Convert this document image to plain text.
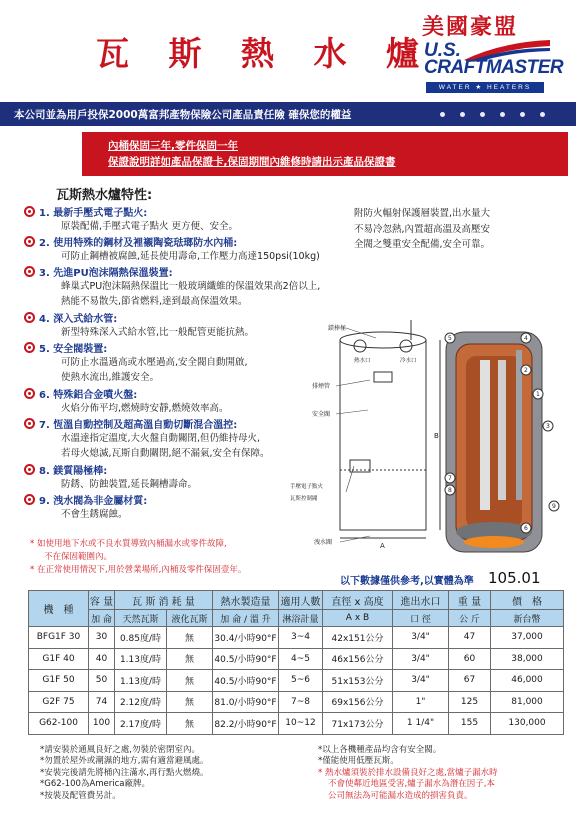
瓦 斯 熱 水 爐
美國豪盟
U.S.
CRAFTMASTER
WATER ★ HEATERS
本公司並為用戶投保2000萬富邦產物保險公司產品責任險 確保您的權益

內桶保固三年,零件保固一年

保證說明詳如產品保證卡,保固期間內維修時請出示產品保證書

瓦斯熱水爐特性:
1. 最新手壓式電子點火:
原裝配備,手壓式電子點火 更方便、安全。
2. 使用特殊的鋼材及裡襯陶瓷琺瑯防水內桶:
可防止鋼槽被腐蝕,延長使用壽命,工作壓力高達150psi(10kg)
3. 先進PU泡沫隔熱保溫裝置:
蜂巢式PU泡沫隔熱保溫比一般玻璃纖維的保溫效果高2倍以上,
熱能不易散失,節省燃料,達到最高保溫效果。
4. 深入式給水管:
新型特殊深入式給水管,比一般配管更能抗熱。
5. 安全閥裝置:
可防止水溫過高或水壓過高,安全閥自動開啟,
使熱水流出,維護安全。
6. 特殊鋁合金噴火盤:
火焰分佈平均,燃燒時安靜,燃燒效率高。
7. 恆溫自動控制及超高溫自動切斷混合溫控:
水溫達指定溫度,大火盤自動關閉,但仍維持母火,
若母火熄滅,瓦斯自動關閉,絕不漏氣,安全有保障。
8. 鎂質陽極棒:
防銹、防蝕裝置,延長鋼槽壽命。
9. 洩水閥為非金屬材質:
不會生銹腐蝕。
附防火輻射保護層裝置,出水量大
不易冷忽熱,內置超高溫及高壓安
全閥之雙重安全配備,安全可靠。
* 如使用地下水或不良水質導致內桶漏水或零件故障,
不在保固範圍內。
* 在正常使用情況下,用於營業場所,內桶及零件保固壹年。
鎂棒極
熱水口	冷水口
排煙管
安全閥
手壓電子點火
瓦斯控制閥
洩水閥	A
B
5	4
2
1
3
7
8
9
6
以下數據僅供參考,以實體為準 105.01
機　種	容 量	瓦 斯 消 耗 量		熱水製造量	適用人數	直徑 x 高度	進出水口	重 量	價　格
	加 侖	天然瓦斯	液化瓦斯	加 侖 / 溫 升	淋浴計量	A x B	口 徑	公 斤	新台幣
BFG1F 30	30	0.85度/時	無	30.4/小時90°F	3~4	42x151公分	3/4"	47	37,000
G1F 40	40	1.13度/時	無	40.5/小時90°F	4~5	46x156公分	3/4"	60	38,000
G1F 50	50	1.13度/時	無	40.5/小時90°F	5~6	51x153公分	3/4"	67	46,000
G2F 75	74	2.12度/時	無	81.0/小時90°F	7~8	69x156公分	1"	125	81,000
G62-100	100	2.17度/時	無	82.2/小時90°F	10~12	71x173公分	1 1/4"	155	130,000
*請安裝於通風良好之處,勿裝於密閉室內。
*勿置於屋外或潮濕的地方,需有適當避風處。
*安裝完後請先將桶內注滿水,再行點火燃燒。
*G62-100為America廠牌。
*按裝及配管費另計。
*以上各機種產品均含有安全閥。
*僅能使用低壓瓦斯。
* 熱水爐須裝於排水設備良好之處,當爐子漏水時
不會使鄰近地區受害,爐子漏水為潛在因子,本
公司無法為可能漏水造成的損害負責。
